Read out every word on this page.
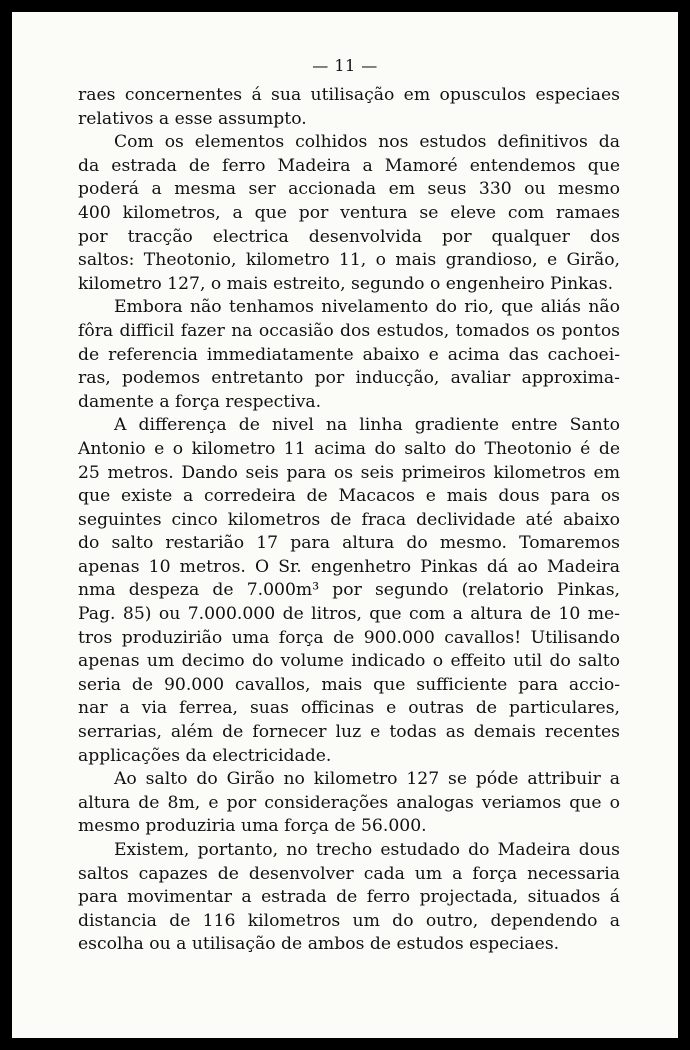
— 11 —
raes concernentes á sua utilisação em opusculos especiaes
relativos a esse assumpto.
Com os elementos colhidos nos estudos definitivos da
da estrada de ferro Madeira a Mamoré entendemos que
poderá a mesma ser accionada em seus 330 ou mesmo
400 kilometros, a que por ventura se eleve com ramaes
por tracção electrica desenvolvida por qualquer dos
saltos: Theotonio, kilometro 11, o mais grandioso, e Girão,
kilometro 127, o mais estreito, segundo o engenheiro Pinkas.
Embora não tenhamos nivelamento do rio, que aliás não
fôra difficil fazer na occasião dos estudos, tomados os pontos
de referencia immediatamente abaixo e acima das cachoei-
ras, podemos entretanto por inducção, avaliar approxima-
damente a força respectiva.
A differença de nivel na linha gradiente entre Santo
Antonio e o kilometro 11 acima do salto do Theotonio é de
25 metros. Dando seis para os seis primeiros kilometros em
que existe a corredeira de Macacos e mais dous para os
seguintes cinco kilometros de fraca declividade até abaixo
do salto restarião 17 para altura do mesmo. Tomaremos
apenas 10 metros. O Sr. engenhetro Pinkas dá ao Madeira
nma despeza de 7.000m³ por segundo (relatorio Pinkas,
Pag. 85) ou 7.000.000 de litros, que com a altura de 10 me-
tros produzirião uma força de 900.000 cavallos! Utilisando
apenas um decimo do volume indicado o effeito util do salto
seria de 90.000 cavallos, mais que sufficiente para accio-
nar a via ferrea, suas officinas e outras de particulares,
serrarias, além de fornecer luz e todas as demais recentes
applicações da electricidade.
Ao salto do Girão no kilometro 127 se póde attribuir a
altura de 8m, e por considerações analogas veriamos que o
mesmo produziria uma força de 56.000.
Existem, portanto, no trecho estudado do Madeira dous
saltos capazes de desenvolver cada um a força necessaria
para movimentar a estrada de ferro projectada, situados á
distancia de 116 kilometros um do outro, dependendo a
escolha ou a utilisação de ambos de estudos especiaes.
